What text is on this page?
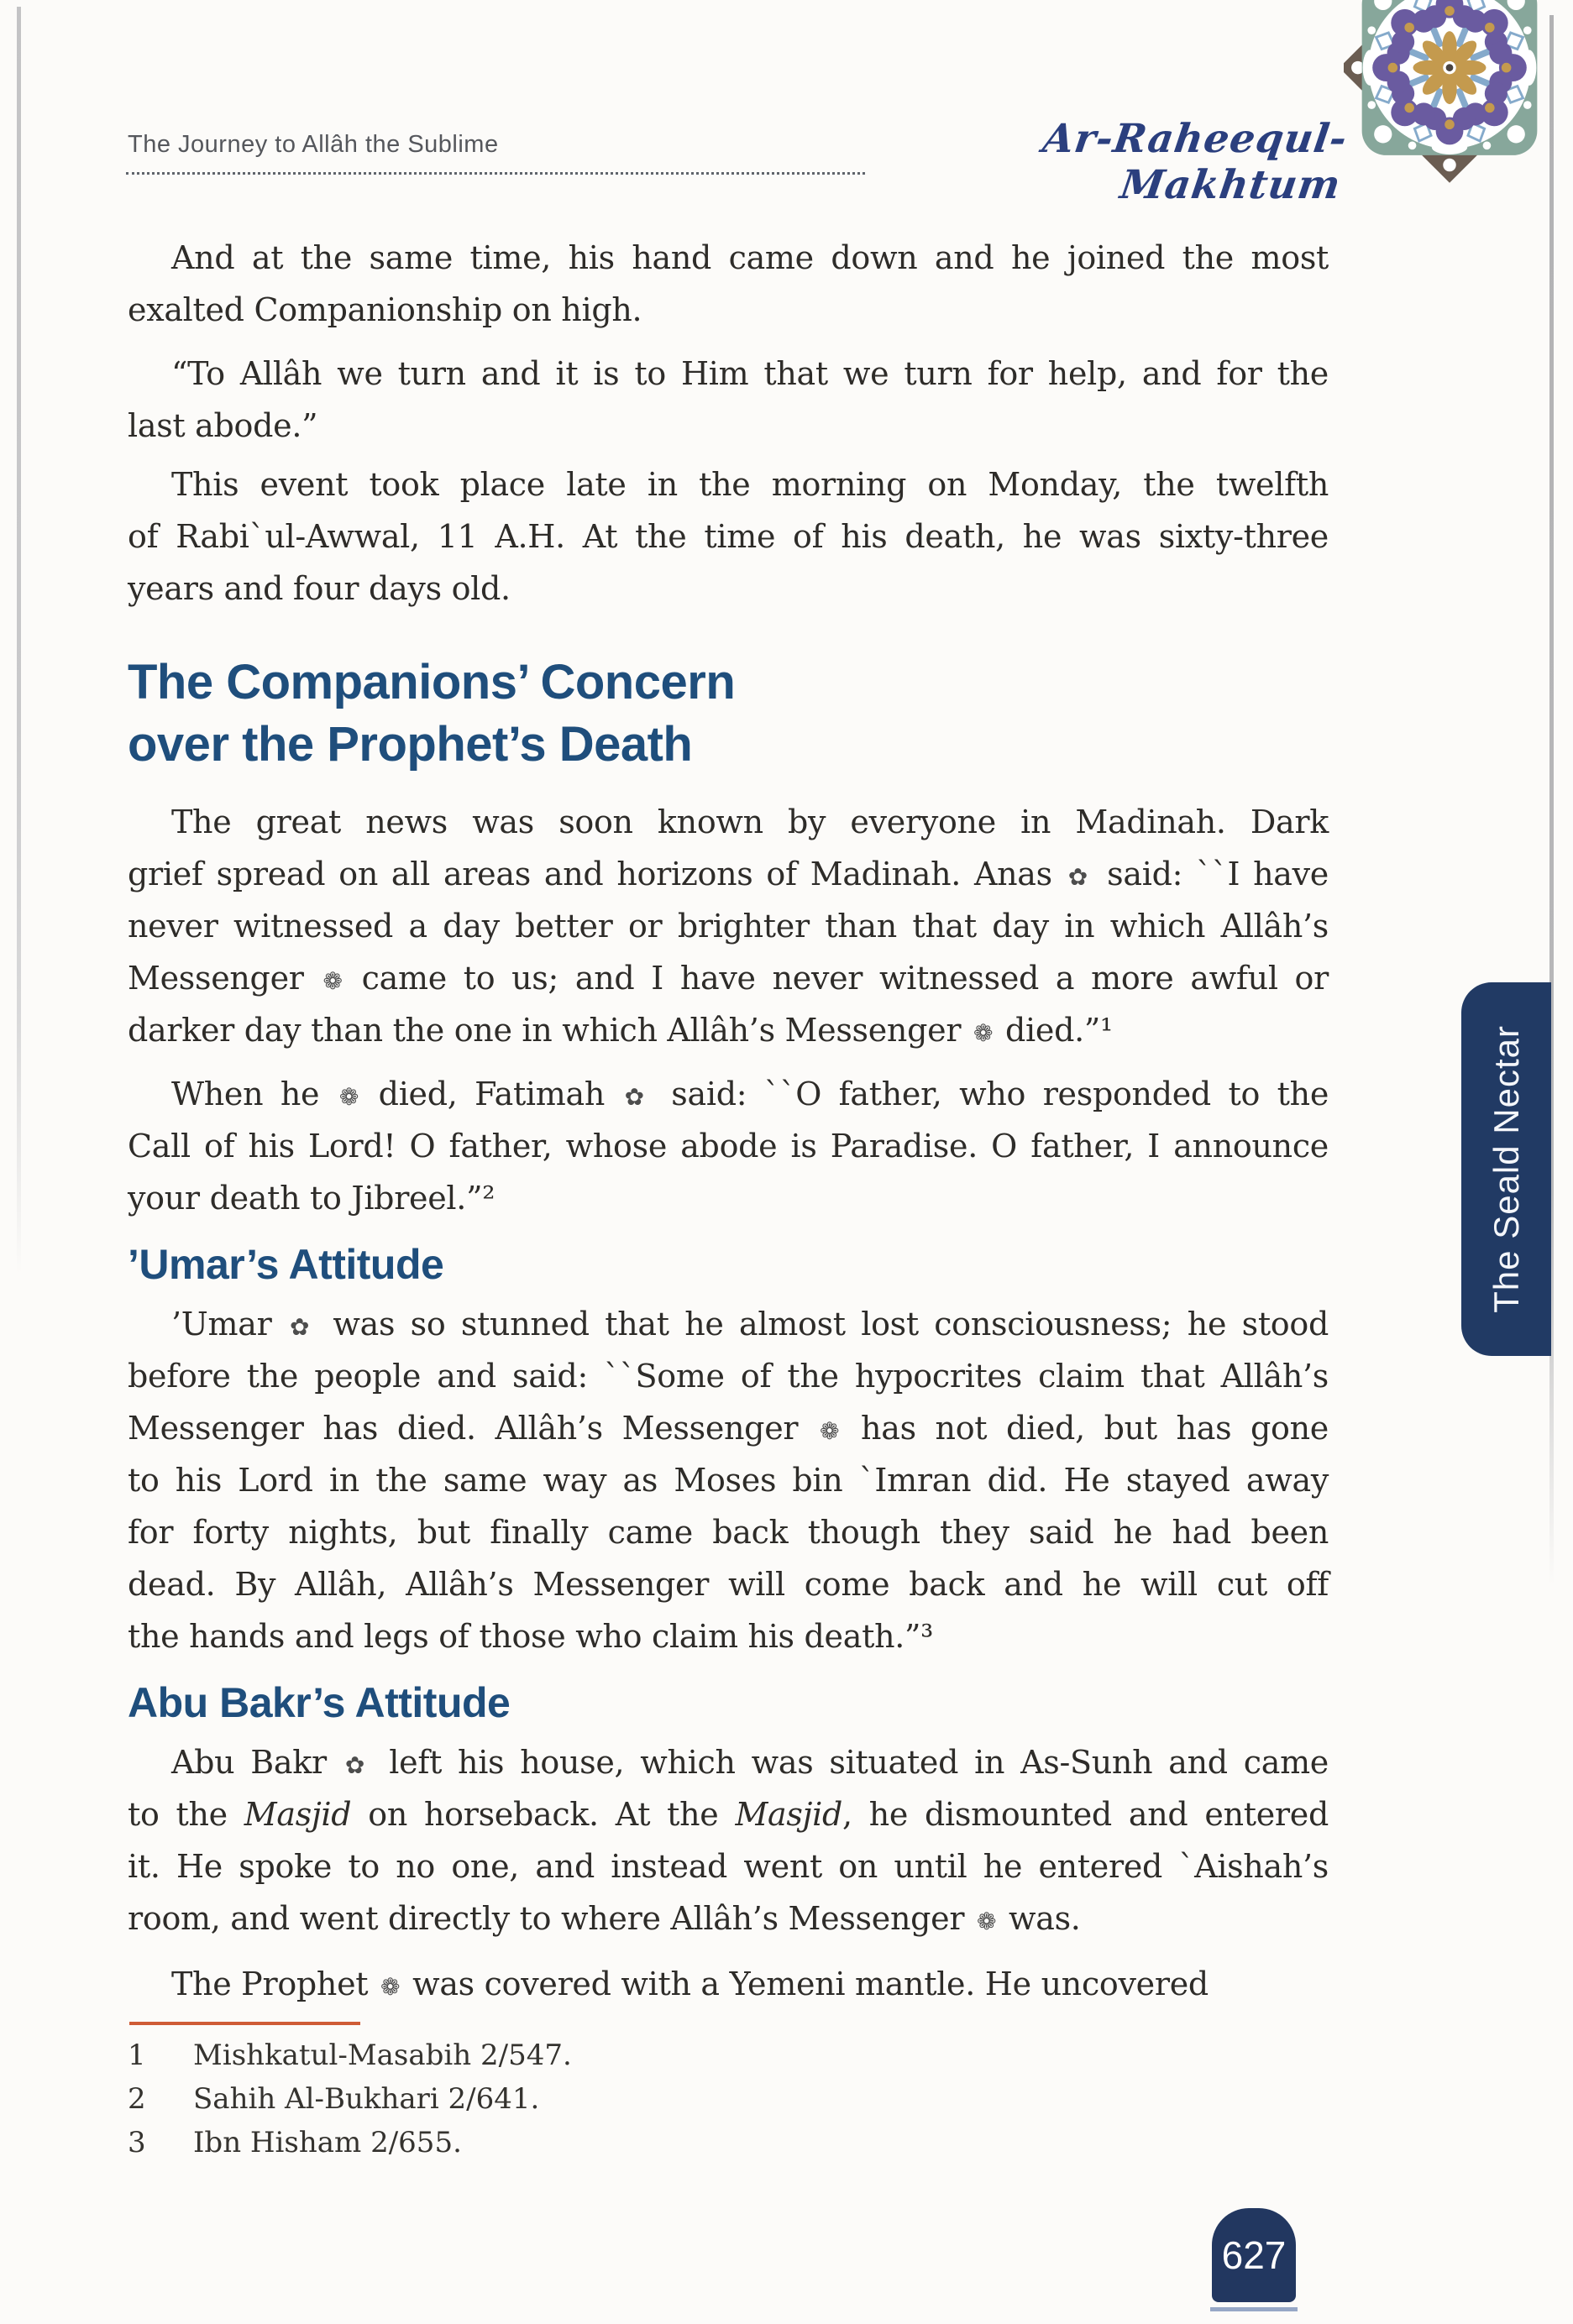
The Journey to Allâh the Sublime	Ar-Raheequl-Makhtum
The Seald Nectar
And at the same time, his hand came down and he joined the most
exalted Companionship on high.
“To Allâh we turn and it is to Him that we turn for help, and for the
last abode.”
This event took place late in the morning on Monday, the twelfth
of Rabi`ul-Awwal, 11 A.H. At the time of his death, he was sixty-three
years and four days old.
The Companions’ Concern
over the Prophet’s Death
The great news was soon known by everyone in Madinah. Dark
grief spread on all areas and horizons of Madinah. Anas ✿ said: ``I have
never witnessed a day better or brighter than that day in which Allâh’s
Messenger ❁ came to us; and I have never witnessed a more awful or
darker day than the one in which Allâh’s Messenger ❁ died.”¹
When he ❁ died, Fatimah ✿ said: ``O father, who responded to the
Call of his Lord! O father, whose abode is Paradise. O father, I announce
your death to Jibreel.”²
’Umar’s Attitude
’Umar ✿ was so stunned that he almost lost consciousness; he stood
before the people and said: ``Some of the hypocrites claim that Allâh’s
Messenger has died. Allâh’s Messenger ❁ has not died, but has gone
to his Lord in the same way as Moses bin `Imran did. He stayed away
for forty nights, but finally came back though they said he had been
dead. By Allâh, Allâh’s Messenger will come back and he will cut off
the hands and legs of those who claim his death.”³
Abu Bakr’s Attitude
Abu Bakr ✿ left his house, which was situated in As-Sunh and came
to the Masjid on horseback. At the Masjid, he dismounted and entered
it. He spoke to no one, and instead went on until he entered `Aishah’s
room, and went directly to where Allâh’s Messenger ❁ was.
The Prophet ❁ was covered with a Yemeni mantle. He uncovered
1	Mishkatul-Masabih 2/547.
2	Sahih Al-Bukhari 2/641.
3	Ibn Hisham 2/655.
627
